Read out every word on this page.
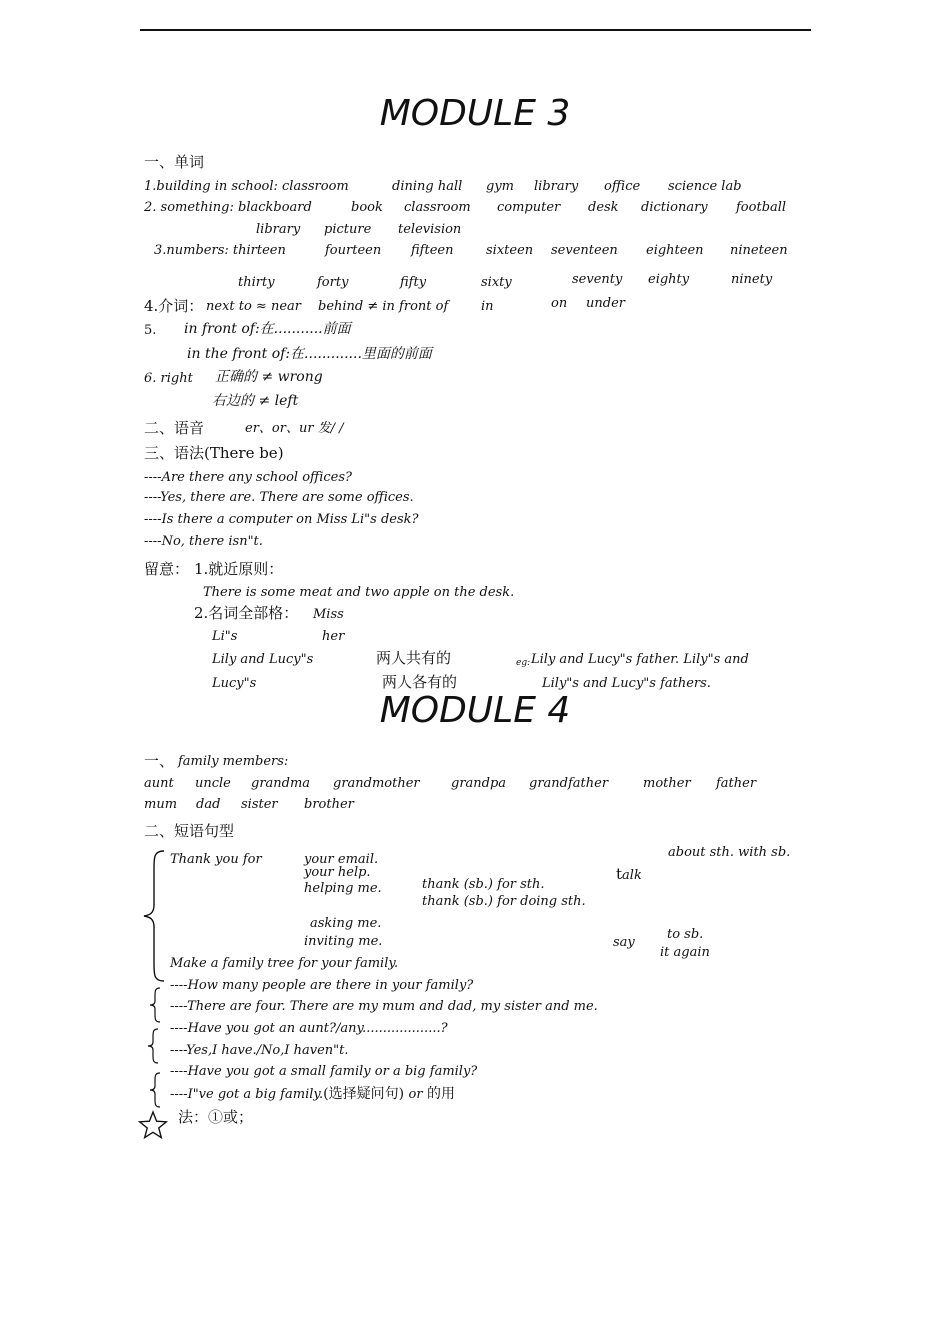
MODULE 3
一、单词
1.building in school: classroom	dining hall gym library office science lab
2. something: blackboard	book classroom computer desk dictionary football
library picture television
3.numbers: thirteen	fourteen fifteen	sixteen seventeen eighteen nineteen
thirty	forty	fifty	sixty	seventy eighty	ninety
4.介词： next to ≈ near behind ≠ in front of	in	on under
5. in front of:在...........前面
in the front of:在.............里面的前面
6. right 正确的 ≠ wrong
右边的 ≠ left
二、语音	er、or、ur 发/ /
三、语法(There be)
----Are there any school offices?
----Yes, there are. There are some offices.
----Is there a computer on Miss Li"s desk?
----No, there isn"t.
留意： 1.就近原则：
There is some meat and two apple on the desk.
2.名词全部格： Miss
Li"s	her
Lily and Lucy"s	两人共有的	eg: Lily and Lucy"s father. Lily"s and
Lucy"s	两人各有的	Lily"s and Lucy"s fathers.
MODULE 4
一、 family members:
aunt uncle grandma grandmother grandpa grandfather	mother father
mum dad sister brother
二、短语句型
Thank you for	your email.
your help.
helping me.	thank (sb.) for sth.
thank (sb.) for doing sth.
about sth. with sb.
talk
asking me.
inviting me.	say
to sb.
it again
Make a family tree for your family.
----How many people are there in your family?
----There are four. There are my mum and dad, my sister and me.
----Have you got an aunt?/any...................?
----Yes,I have./No,I haven"t.
----Have you got a small family or a big family?
----I"ve got a big family.(选择疑问句) or 的用
法：①或；
